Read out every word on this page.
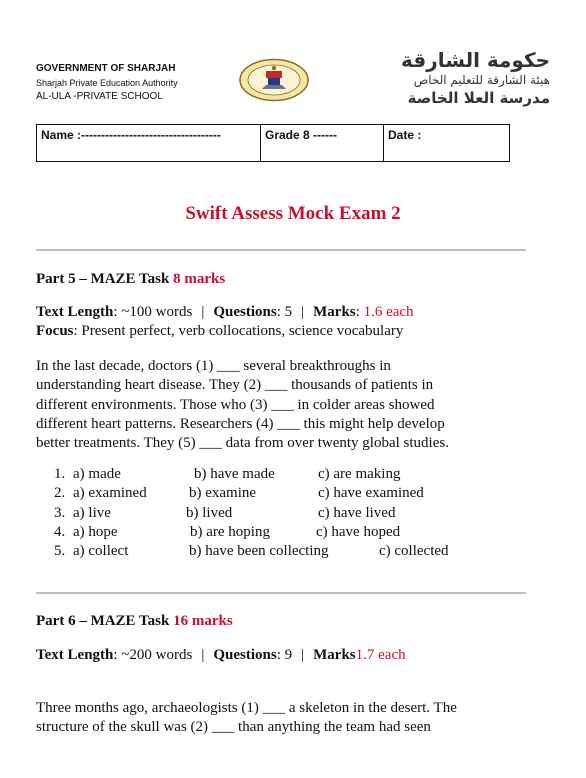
GOVERNMENT OF SHARJAH
Sharjah Private Education Authority
AL-ULA -PRIVATE SCHOOL
حكومة الشارقة
هيئة الشارقة للتعليم الخاص
مدرسة العلا الخاصة
Name :-----------------------------------	Grade 8 ------	Date :
Swift Assess Mock Exam 2
Part 5 – MAZE Task 8 marks
Text Length: ~100 words | Questions: 5 | Marks: 1.6 each
Focus: Present perfect, verb collocations, science vocabulary
In the last decade, doctors (1) ___ several breakthroughs in
understanding heart disease. They (2) ___ thousands of patients in
different environments. Those who (3) ___ in colder areas showed
different heart patterns. Researchers (4) ___ this might help develop
better treatments. They (5) ___ data from over twenty global studies.
1. a) made	b) have made	c) are making
2. a) examined	b) examine	c) have examined
3. a) live	b) lived	c) have lived
4. a) hope	b) are hoping	c) have hoped
5. a) collect	b) have been collecting	c) collected
Part 6 – MAZE Task 16 marks
Text Length: ~200 words | Questions: 9 | Marks1.7 each
Three months ago, archaeologists (1) ___ a skeleton in the desert. The
structure of the skull was (2) ___ than anything the team had seen
